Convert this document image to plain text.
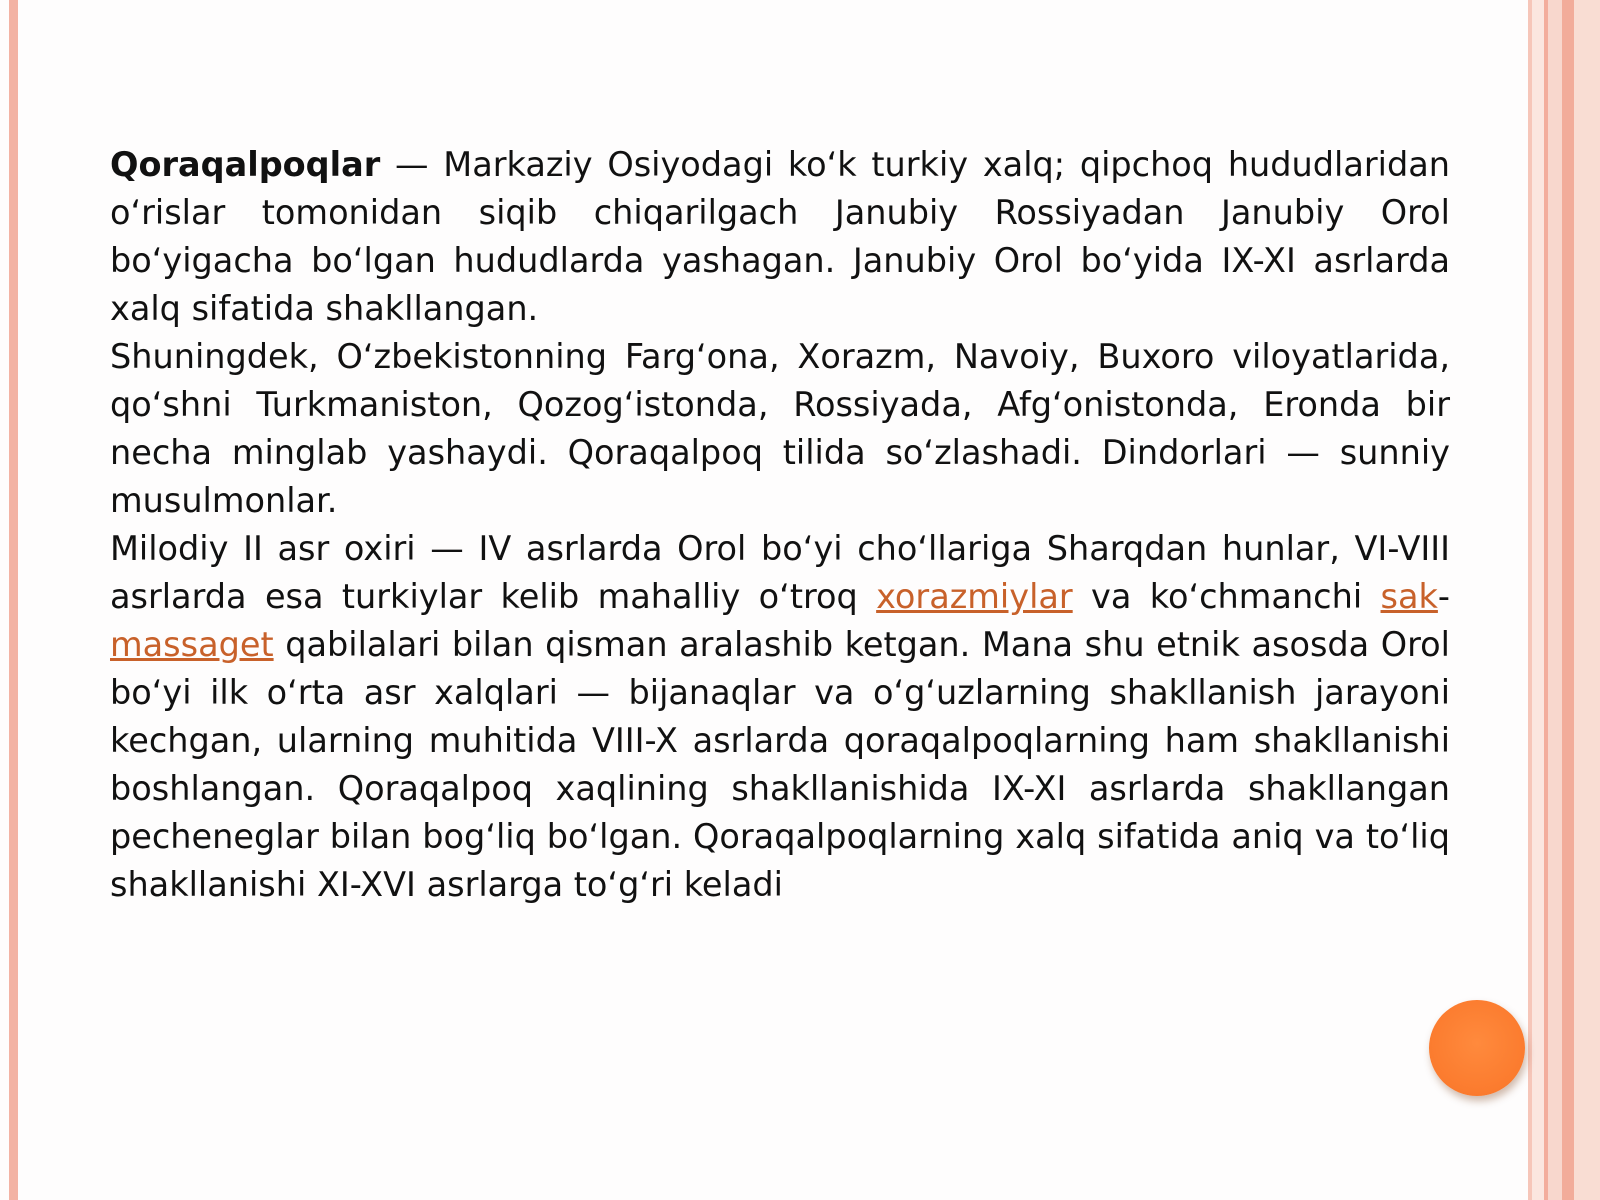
Qoraqalpoqlar — Markaziy Osiyodagi ko‘k turkiy xalq; qipchoq hududlaridan o‘rislar tomonidan siqib chiqarilgach Janubiy Rossiyadan Janubiy Orol bo‘yigacha bo‘lgan hududlarda yashagan. Janubiy Orol bo‘yida IX-XI asrlarda xalq sifatida shakllangan.

Shuningdek, O‘zbekistonning Farg‘ona, Xorazm, Navoiy, Buxoro viloyatlarida, qo‘shni Turkmaniston, Qozog‘istonda, Rossiyada, Afg‘onistonda, Eronda bir necha minglab yashaydi. Qoraqalpoq tilida so‘zlashadi. Dindorlari — sunniy musulmonlar.

Milodiy II asr oxiri — IV asrlarda Orol bo‘yi cho‘llariga Sharqdan hunlar, VI-VIII asrlarda esa turkiylar kelib mahalliy o‘troq xorazmiylar va ko‘chmanchi sak-massaget qabilalari bilan qisman aralashib ketgan. Mana shu etnik asosda Orol bo‘yi ilk o‘rta asr xalqlari — bijanaqlar va o‘g‘uzlarning shakllanish jarayoni kechgan, ularning muhitida VIII-X asrlarda qoraqalpoqlarning ham shakllanishi boshlangan. Qoraqalpoq xaqlining shakllanishida IX-XI asrlarda shakllangan pecheneglar bilan bog‘liq bo‘lgan. Qoraqalpoqlarning xalq sifatida aniq va to‘liq shakllanishi XI-XVI asrlarga to‘g‘ri keladi
